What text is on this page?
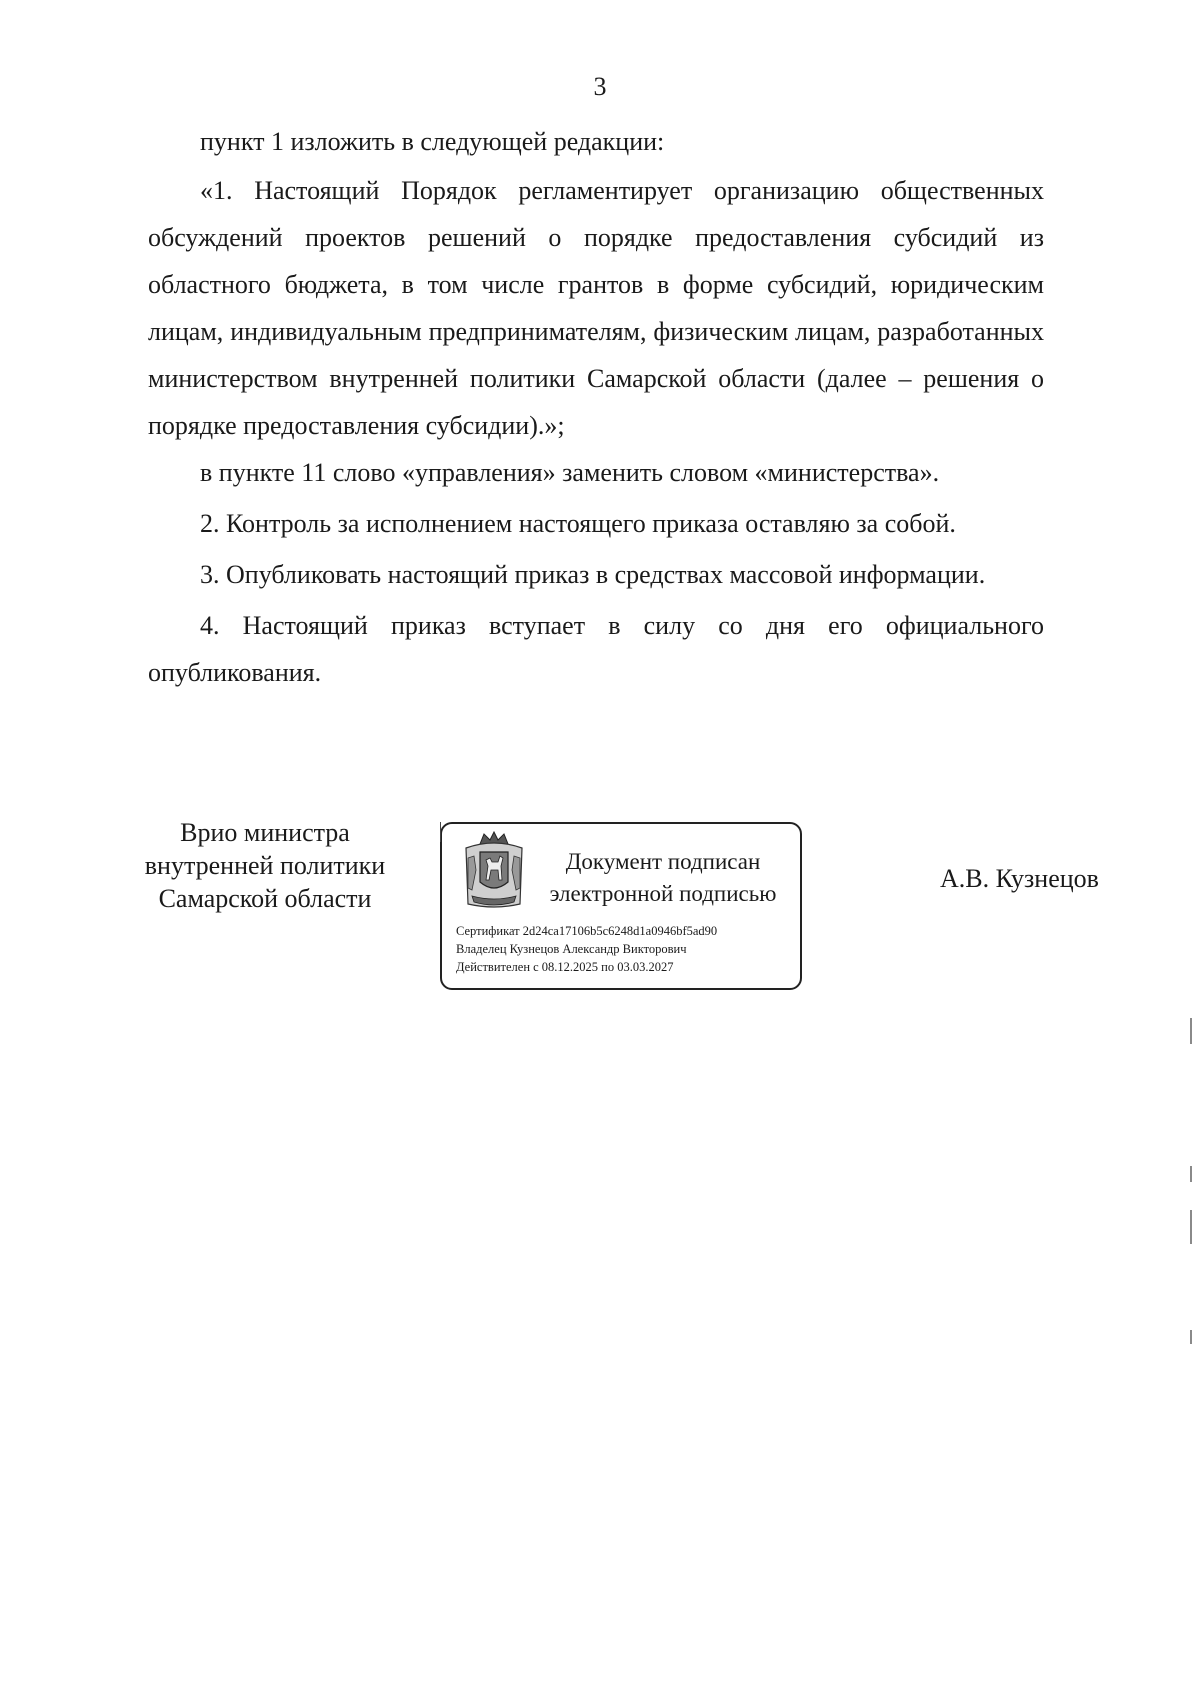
3

пункт 1 изложить в следующей редакции:

«1. Настоящий Порядок регламентирует организацию общественных обсуждений проектов решений о порядке предоставления субсидий из областного бюджета, в том числе грантов в форме субсидий, юридическим лицам, индивидуальным предпринимателям, физическим лицам, разработанных министерством внутренней политики Самарской области (далее – решения о порядке предоставления субсидии).»;

в пункте 11 слово «управления» заменить словом «министерства».

2. Контроль за исполнением настоящего приказа оставляю за собой.

3. Опубликовать настоящий приказ в средствах массовой информации.

4. Настоящий приказ вступает в силу со дня его официального опубликования.

Врио министра
внутренней политики
Самарской области
Документ подписан
электронной подписью
Сертификат 2d24ca17106b5c6248d1a0946bf5ad90
Владелец Кузнецов Александр Викторович
Действителен с 08.12.2025 по 03.03.2027
А.В. Кузнецов
